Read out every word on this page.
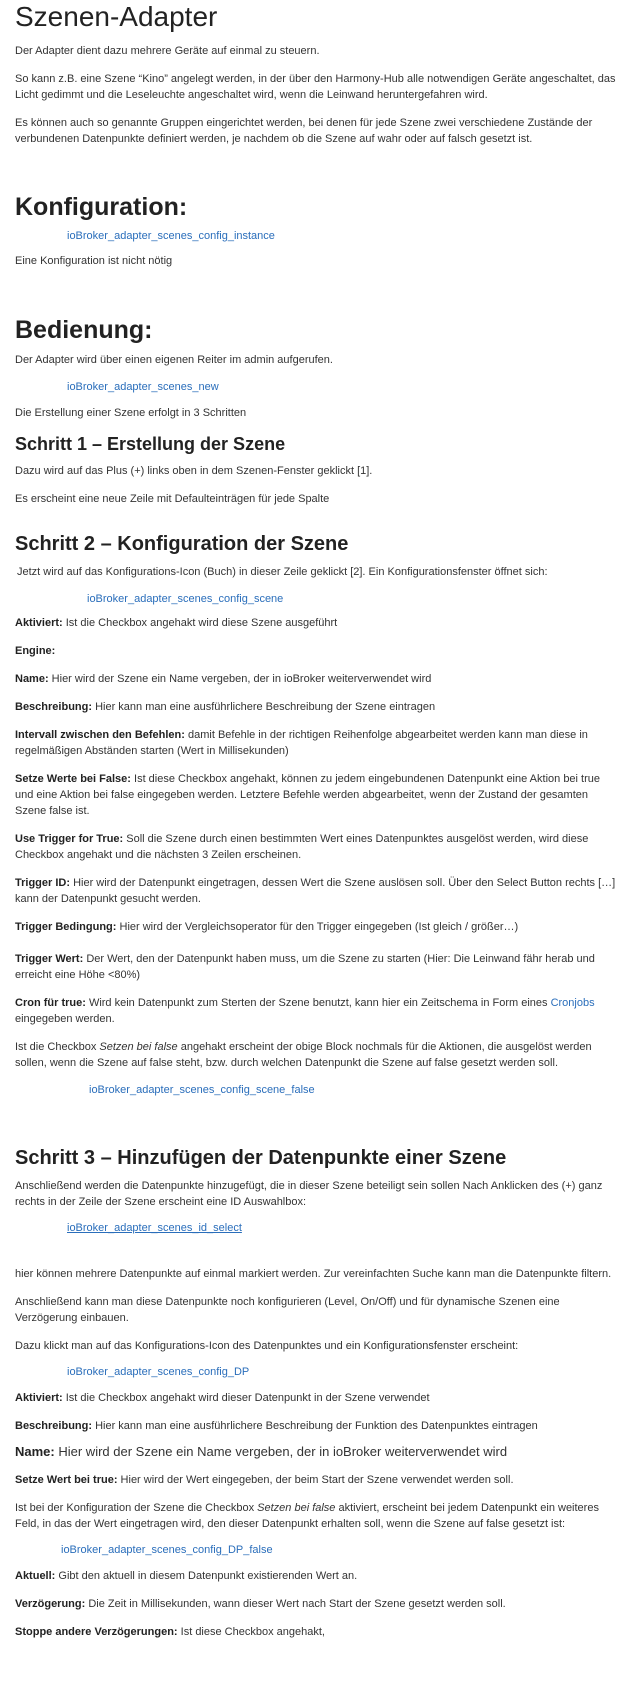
Szenen-Adapter

Der Adapter dient dazu mehrere Geräte auf einmal zu steuern.

So kann z.B. eine Szene “Kino” angelegt werden, in der über den Harmony-Hub alle notwendigen Geräte angeschaltet, das Licht gedimmt und die Leseleuchte angeschaltet wird, wenn die Leinwand heruntergefahren wird.

Es können auch so genannte Gruppen eingerichtet werden, bei denen für jede Szene zwei verschiedene Zustände der verbundenen Datenpunkte definiert werden, je nachdem ob die Szene auf wahr oder auf falsch gesetzt ist.

Konfiguration:
ioBroker_adapter_scenes_config_instance

Eine Konfiguration ist nicht nötig

Bedienung:

Der Adapter wird über einen eigenen Reiter im admin aufgerufen.

ioBroker_adapter_scenes_new

Die Erstellung einer Szene erfolgt in 3 Schritten

Schritt 1 – Erstellung der Szene

Dazu wird auf das Plus (+) links oben in dem Szenen-Fenster geklickt [1].

Es erscheint eine neue Zeile mit Defaulteinträgen für jede Spalte

Schritt 2 – Konfiguration der Szene

Jetzt wird auf das Konfigurations-Icon (Buch) in dieser Zeile geklickt [2]. Ein Konfigurationsfenster öffnet sich:

ioBroker_adapter_scenes_config_scene

Aktiviert: Ist die Checkbox angehakt wird diese Szene ausgeführt

Engine:

Name: Hier wird der Szene ein Name vergeben, der in ioBroker weiterverwendet wird

Beschreibung: Hier kann man eine ausführlichere Beschreibung der Szene eintragen

Intervall zwischen den Befehlen: damit Befehle in der richtigen Reihenfolge abgearbeitet werden kann man diese in regelmäßigen Abständen starten (Wert in Millisekunden)

Setze Werte bei False: Ist diese Checkbox angehakt, können zu jedem eingebundenen Datenpunkt eine Aktion bei true und eine Aktion bei false eingegeben werden. Letztere Befehle werden abgearbeitet, wenn der Zustand der gesamten Szene false ist.

Use Trigger for True: Soll die Szene durch einen bestimmten Wert eines Datenpunktes ausgelöst werden, wird diese Checkbox angehakt und die nächsten 3 Zeilen erscheinen.

Trigger ID: Hier wird der Datenpunkt eingetragen, dessen Wert die Szene auslösen soll. Über den Select Button rechts […] kann der Datenpunkt gesucht werden.

Trigger Bedingung: Hier wird der Vergleichsoperator für den Trigger eingegeben (Ist gleich / größer…)

Trigger Wert: Der Wert, den der Datenpunkt haben muss, um die Szene zu starten (Hier: Die Leinwand fähr herab und erreicht eine Höhe <80%)

Cron für true: Wird kein Datenpunkt zum Sterten der Szene benutzt, kann hier ein Zeitschema in Form eines Cronjobs eingegeben werden.

Ist die Checkbox Setzen bei false angehakt erscheint der obige Block nochmals für die Aktionen, die ausgelöst werden sollen, wenn die Szene auf false steht, bzw. durch welchen Datenpunkt die Szene auf false gesetzt werden soll.

ioBroker_adapter_scenes_config_scene_false
Schritt 3 – Hinzufügen der Datenpunkte einer Szene

Anschließend werden die Datenpunkte hinzugefügt, die in dieser Szene beteiligt sein sollen Nach Anklicken des (+) ganz rechts in der Zeile der Szene erscheint eine ID Auswahlbox:

ioBroker_adapter_scenes_id_select

hier können mehrere Datenpunkte auf einmal markiert werden. Zur vereinfachten Suche kann man die Datenpunkte filtern.

Anschließend kann man diese Datenpunkte noch konfigurieren (Level, On/Off) und für dynamische Szenen eine Verzögerung einbauen.

Dazu klickt man auf das Konfigurations-Icon des Datenpunktes und ein Konfigurationsfenster erscheint:

ioBroker_adapter_scenes_config_DP

Aktiviert: Ist die Checkbox angehakt wird dieser Datenpunkt in der Szene verwendet

Beschreibung: Hier kann man eine ausführlichere Beschreibung der Funktion des Datenpunktes eintragen

Name: Hier wird der Szene ein Name vergeben, der in ioBroker weiterverwendet wird

Setze Wert bei true: Hier wird der Wert eingegeben, der beim Start der Szene verwendet werden soll.

Ist bei der Konfiguration der Szene die Checkbox Setzen bei false aktiviert, erscheint bei jedem Datenpunkt ein weiteres Feld, in das der Wert eingetragen wird, den dieser Datenpunkt erhalten soll, wenn die Szene auf false gesetzt ist:

ioBroker_adapter_scenes_config_DP_false

Aktuell: Gibt den aktuell in diesem Datenpunkt existierenden Wert an.

Verzögerung: Die Zeit in Millisekunden, wann dieser Wert nach Start der Szene gesetzt werden soll.

Stoppe andere Verzögerungen: Ist diese Checkbox angehakt,
